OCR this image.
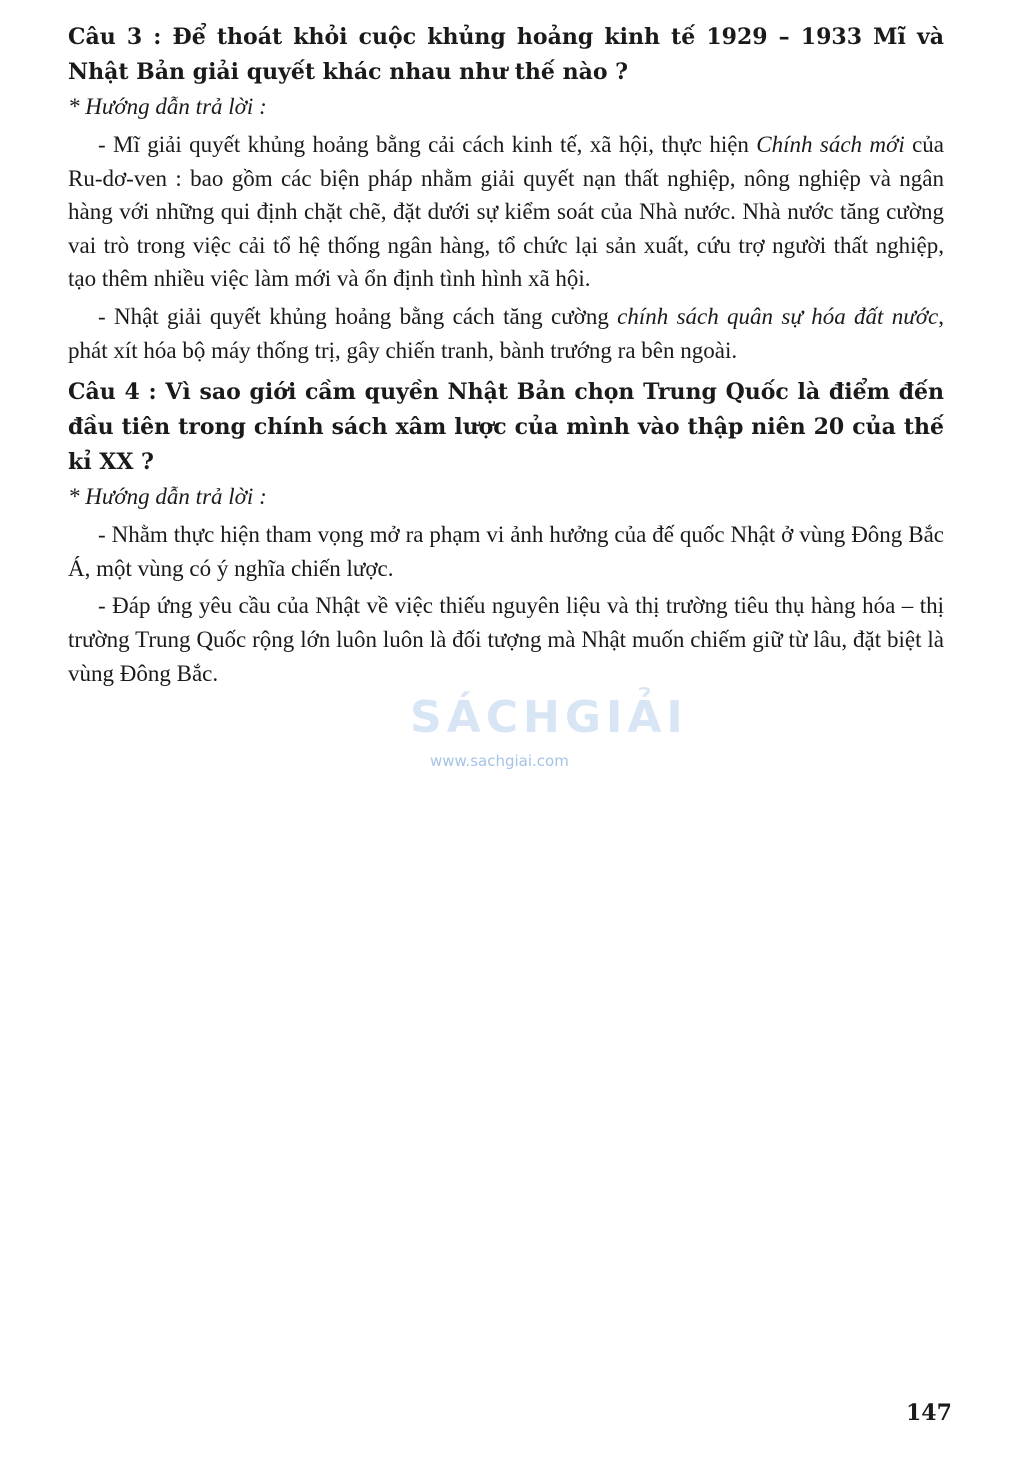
Câu 3 : Để thoát khỏi cuộc khủng hoảng kinh tế 1929 – 1933 Mĩ và Nhật Bản giải quyết khác nhau như thế nào ?

* Hướng dẫn trả lời :

- Mĩ giải quyết khủng hoảng bằng cải cách kinh tế, xã hội, thực hiện Chính sách mới của Ru-dơ-ven : bao gồm các biện pháp nhằm giải quyết nạn thất nghiệp, nông nghiệp và ngân hàng với những qui định chặt chẽ, đặt dưới sự kiểm soát của Nhà nước. Nhà nước tăng cường vai trò trong việc cải tổ hệ thống ngân hàng, tổ chức lại sản xuất, cứu trợ người thất nghiệp, tạo thêm nhiều việc làm mới và ổn định tình hình xã hội.

- Nhật giải quyết khủng hoảng bằng cách tăng cường chính sách quân sự hóa đất nước, phát xít hóa bộ máy thống trị, gây chiến tranh, bành trướng ra bên ngoài.

Câu 4 : Vì sao giới cầm quyền Nhật Bản chọn Trung Quốc là điểm đến đầu tiên trong chính sách xâm lược của mình vào thập niên 20 của thế kỉ XX ?

* Hướng dẫn trả lời :

- Nhằm thực hiện tham vọng mở ra phạm vi ảnh hưởng của đế quốc Nhật ở vùng Đông Bắc Á, một vùng có ý nghĩa chiến lược.

- Đáp ứng yêu cầu của Nhật về việc thiếu nguyên liệu và thị trường tiêu thụ hàng hóa – thị trường Trung Quốc rộng lớn luôn luôn là đối tượng mà Nhật muốn chiếm giữ từ lâu, đặt biệt là vùng Đông Bắc.

SÁCHGIẢI
www.sachgiai.com
147
